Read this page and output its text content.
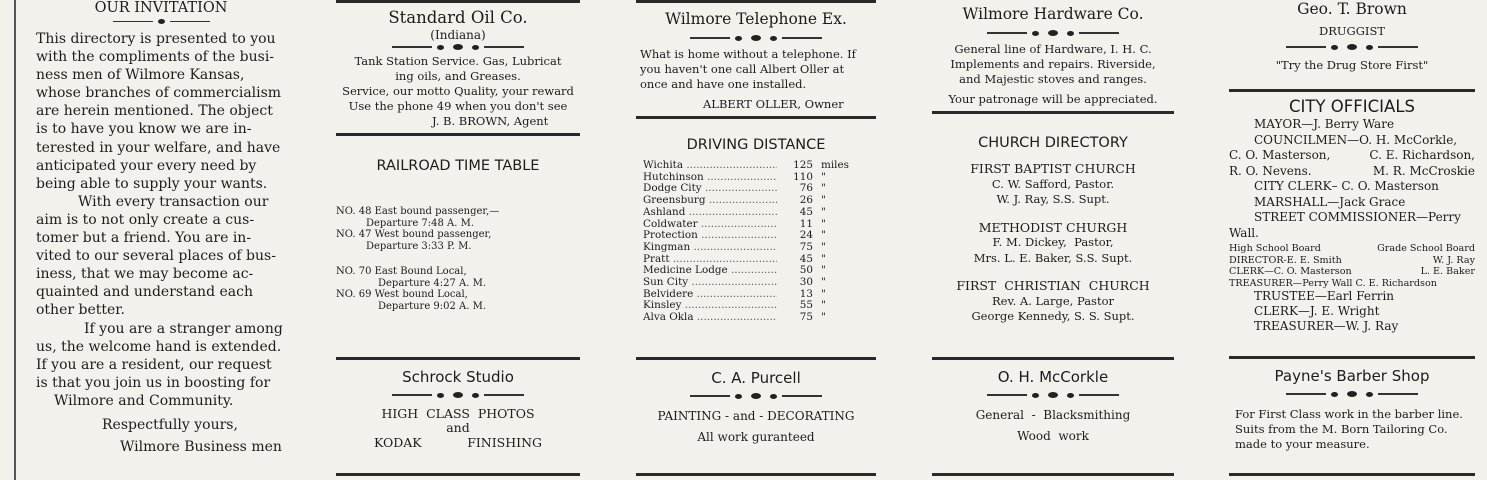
OUR INVITATION
This directory is presented to you
with the compliments of the busi-
ness men of Wilmore Kansas,
whose branches of commercialism
are herein mentioned. The object
is to have you know we are in-
terested in your welfare, and have
anticipated your every need by
being able to supply your wants.
With every transaction our
aim is to not only create a cus-
tomer but a friend. You are in-
vited to our several places of bus-
iness, that we may become ac-
quainted and understand each
other better.
If you are a stranger among
us, the welcome hand is extended.
If you are a resident, our request
is that you join us in boosting for
Wilmore and Community.
Respectfully yours,
Wilmore Business men
Standard Oil Co.
(Indiana)
Tank Station Service. Gas, Lubricat
ing oils, and Greases.
Service, our motto Quality, your reward
Use the phone 49 when you don't see
J. B. BROWN, Agent
RAILROAD TIME TABLE
NO. 48 East bound passenger,—
Departure 7:48 A. M.
NO. 47 West bound passenger,
Departure 3:33 P. M.
NO. 70 East Bound Local,
Departure 4:27 A. M.
NO. 69 West bound Local,
Departure 9:02 A. M.
Schrock Studio
HIGH  CLASS  PHOTOS
and
KODAK	FINISHING
Wilmore Telephone Ex.
What is home without a telephone. If
you haven't one call Albert Oller at
once and have one installed.
ALBERT OLLER, Owner
DRIVING DISTANCE
Wichita .....	125 miles
Hutchinson .....	110 "
Dodge City .....	76 "
Greensburg .....	26 "
Ashland .....	45 "
Coldwater .....	11 "
Protection .....	24 "
Kingman .....	75 "
Pratt .....	45 "
Medicine Lodge .....	50 "
Sun City .....	30 "
Belvidere .....	13 "
Kinsley .....	55 "
Alva Okla .....	75 "
C. A. Purcell
PAINTING - and - DECORATING
All work guranteed
Wilmore Hardware Co.
General line of Hardware, I. H. C.
Implements and repairs. Riverside,
and Majestic stoves and ranges.
Your patronage will be appreciated.
CHURCH DIRECTORY
FIRST BAPTIST CHURCH
C. W. Safford, Pastor.
W. J. Ray, S.S. Supt.
METHODIST CHURGH
F. M. Dickey,  Pastor,
Mrs. L. E. Baker, S.S. Supt.
FIRST  CHRISTIAN  CHURCH
Rev. A. Large, Pastor
George Kennedy, S. S. Supt.
O. H. McCorkle
General  -  Blacksmithing
Wood  work
Geo. T. Brown
DRUGGIST
"Try the Drug Store First"
CITY OFFICIALS
MAYOR—J. Berry Ware
COUNCILMEN—O. H. McCorkle,
C. O. Masterson,	C. E. Richardson,
R. O. Nevens.	M. R. McCroskie
CITY CLERK– C. O. Masterson
MARSHALL—Jack Grace
STREET COMMISSIONER—Perry
Wall.
High School Board	Grade School Board
DIRECTOR-E. E. Smith	W. J. Ray
CLERK—C. O. Masterson	L. E. Baker
TREASURER—Perry Wall C. E. Richardson
TRUSTEE—Earl Ferrin
CLERK—J. E. Wright
TREASURER—W. J. Ray
Payne's Barber Shop
For First Class work in the barber line.
Suits from the M. Born Tailoring Co.
made to your measure.
